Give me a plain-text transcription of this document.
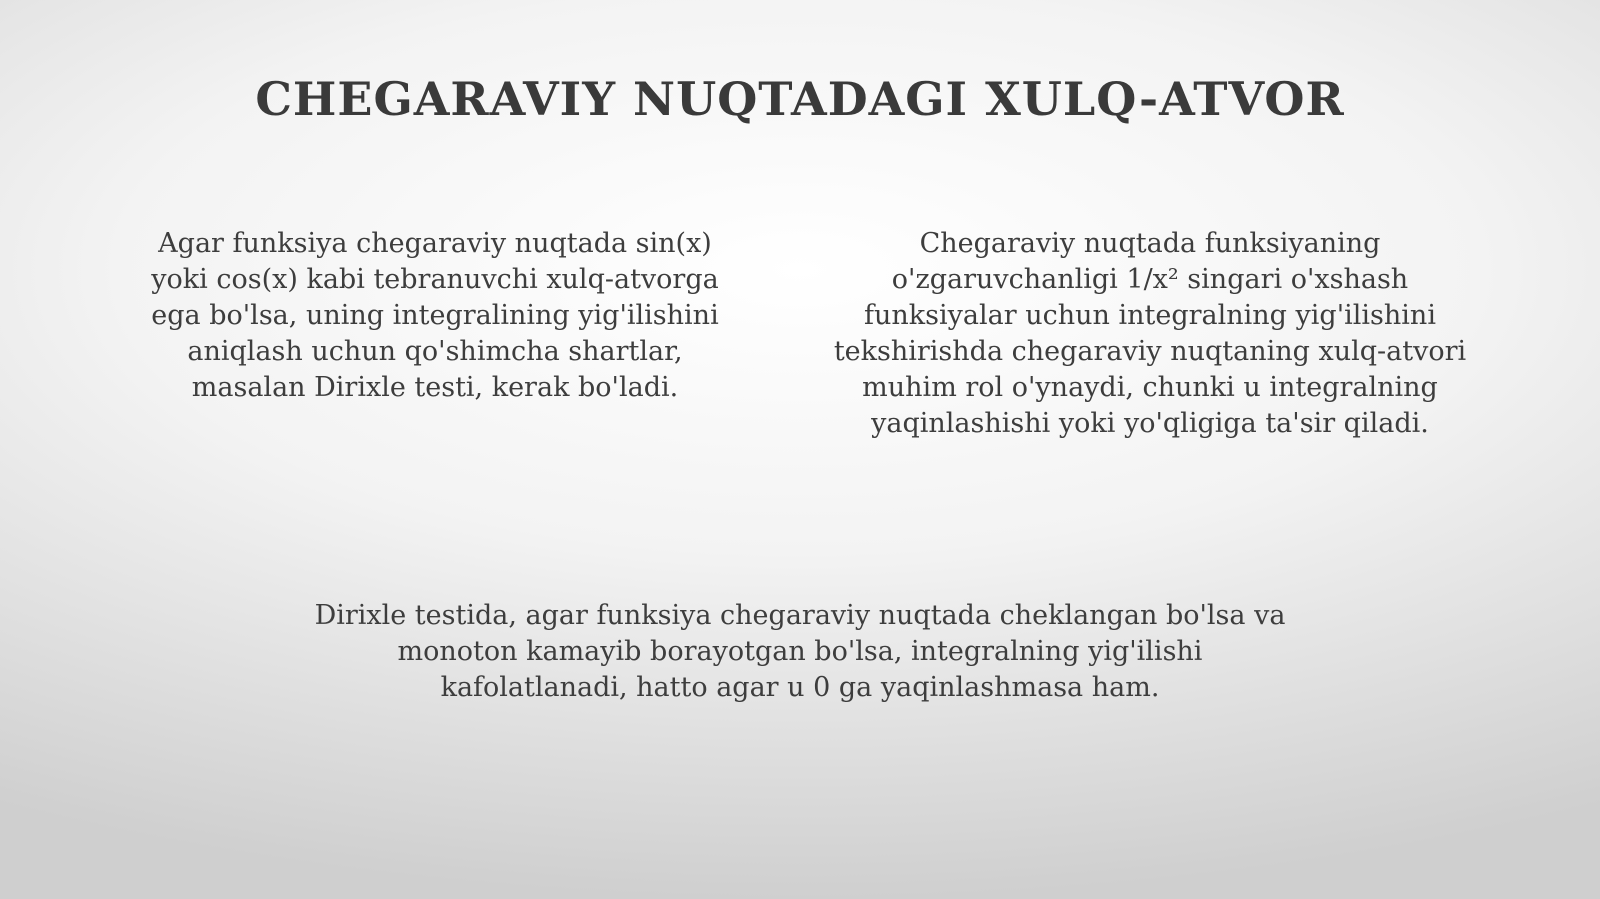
CHEGARAVIY NUQTADAGI XULQ-ATVOR

Agar funksiya chegaraviy nuqtada sin(x)
yoki cos(x) kabi tebranuvchi xulq-atvorga
ega bo'lsa, uning integralining yig'ilishini
aniqlash uchun qo'shimcha shartlar,
masalan Dirixle testi, kerak bo'ladi.

Chegaraviy nuqtada funksiyaning
o'zgaruvchanligi 1/x² singari o'xshash
funksiyalar uchun integralning yig'ilishini
tekshirishda chegaraviy nuqtaning xulq-atvori
muhim rol o'ynaydi, chunki u integralning
yaqinlashishi yoki yo'qligiga ta'sir qiladi.

Dirixle testida, agar funksiya chegaraviy nuqtada cheklangan bo'lsa va
monoton kamayib borayotgan bo'lsa, integralning yig'ilishi
kafolatlanadi, hatto agar u 0 ga yaqinlashmasa ham.
